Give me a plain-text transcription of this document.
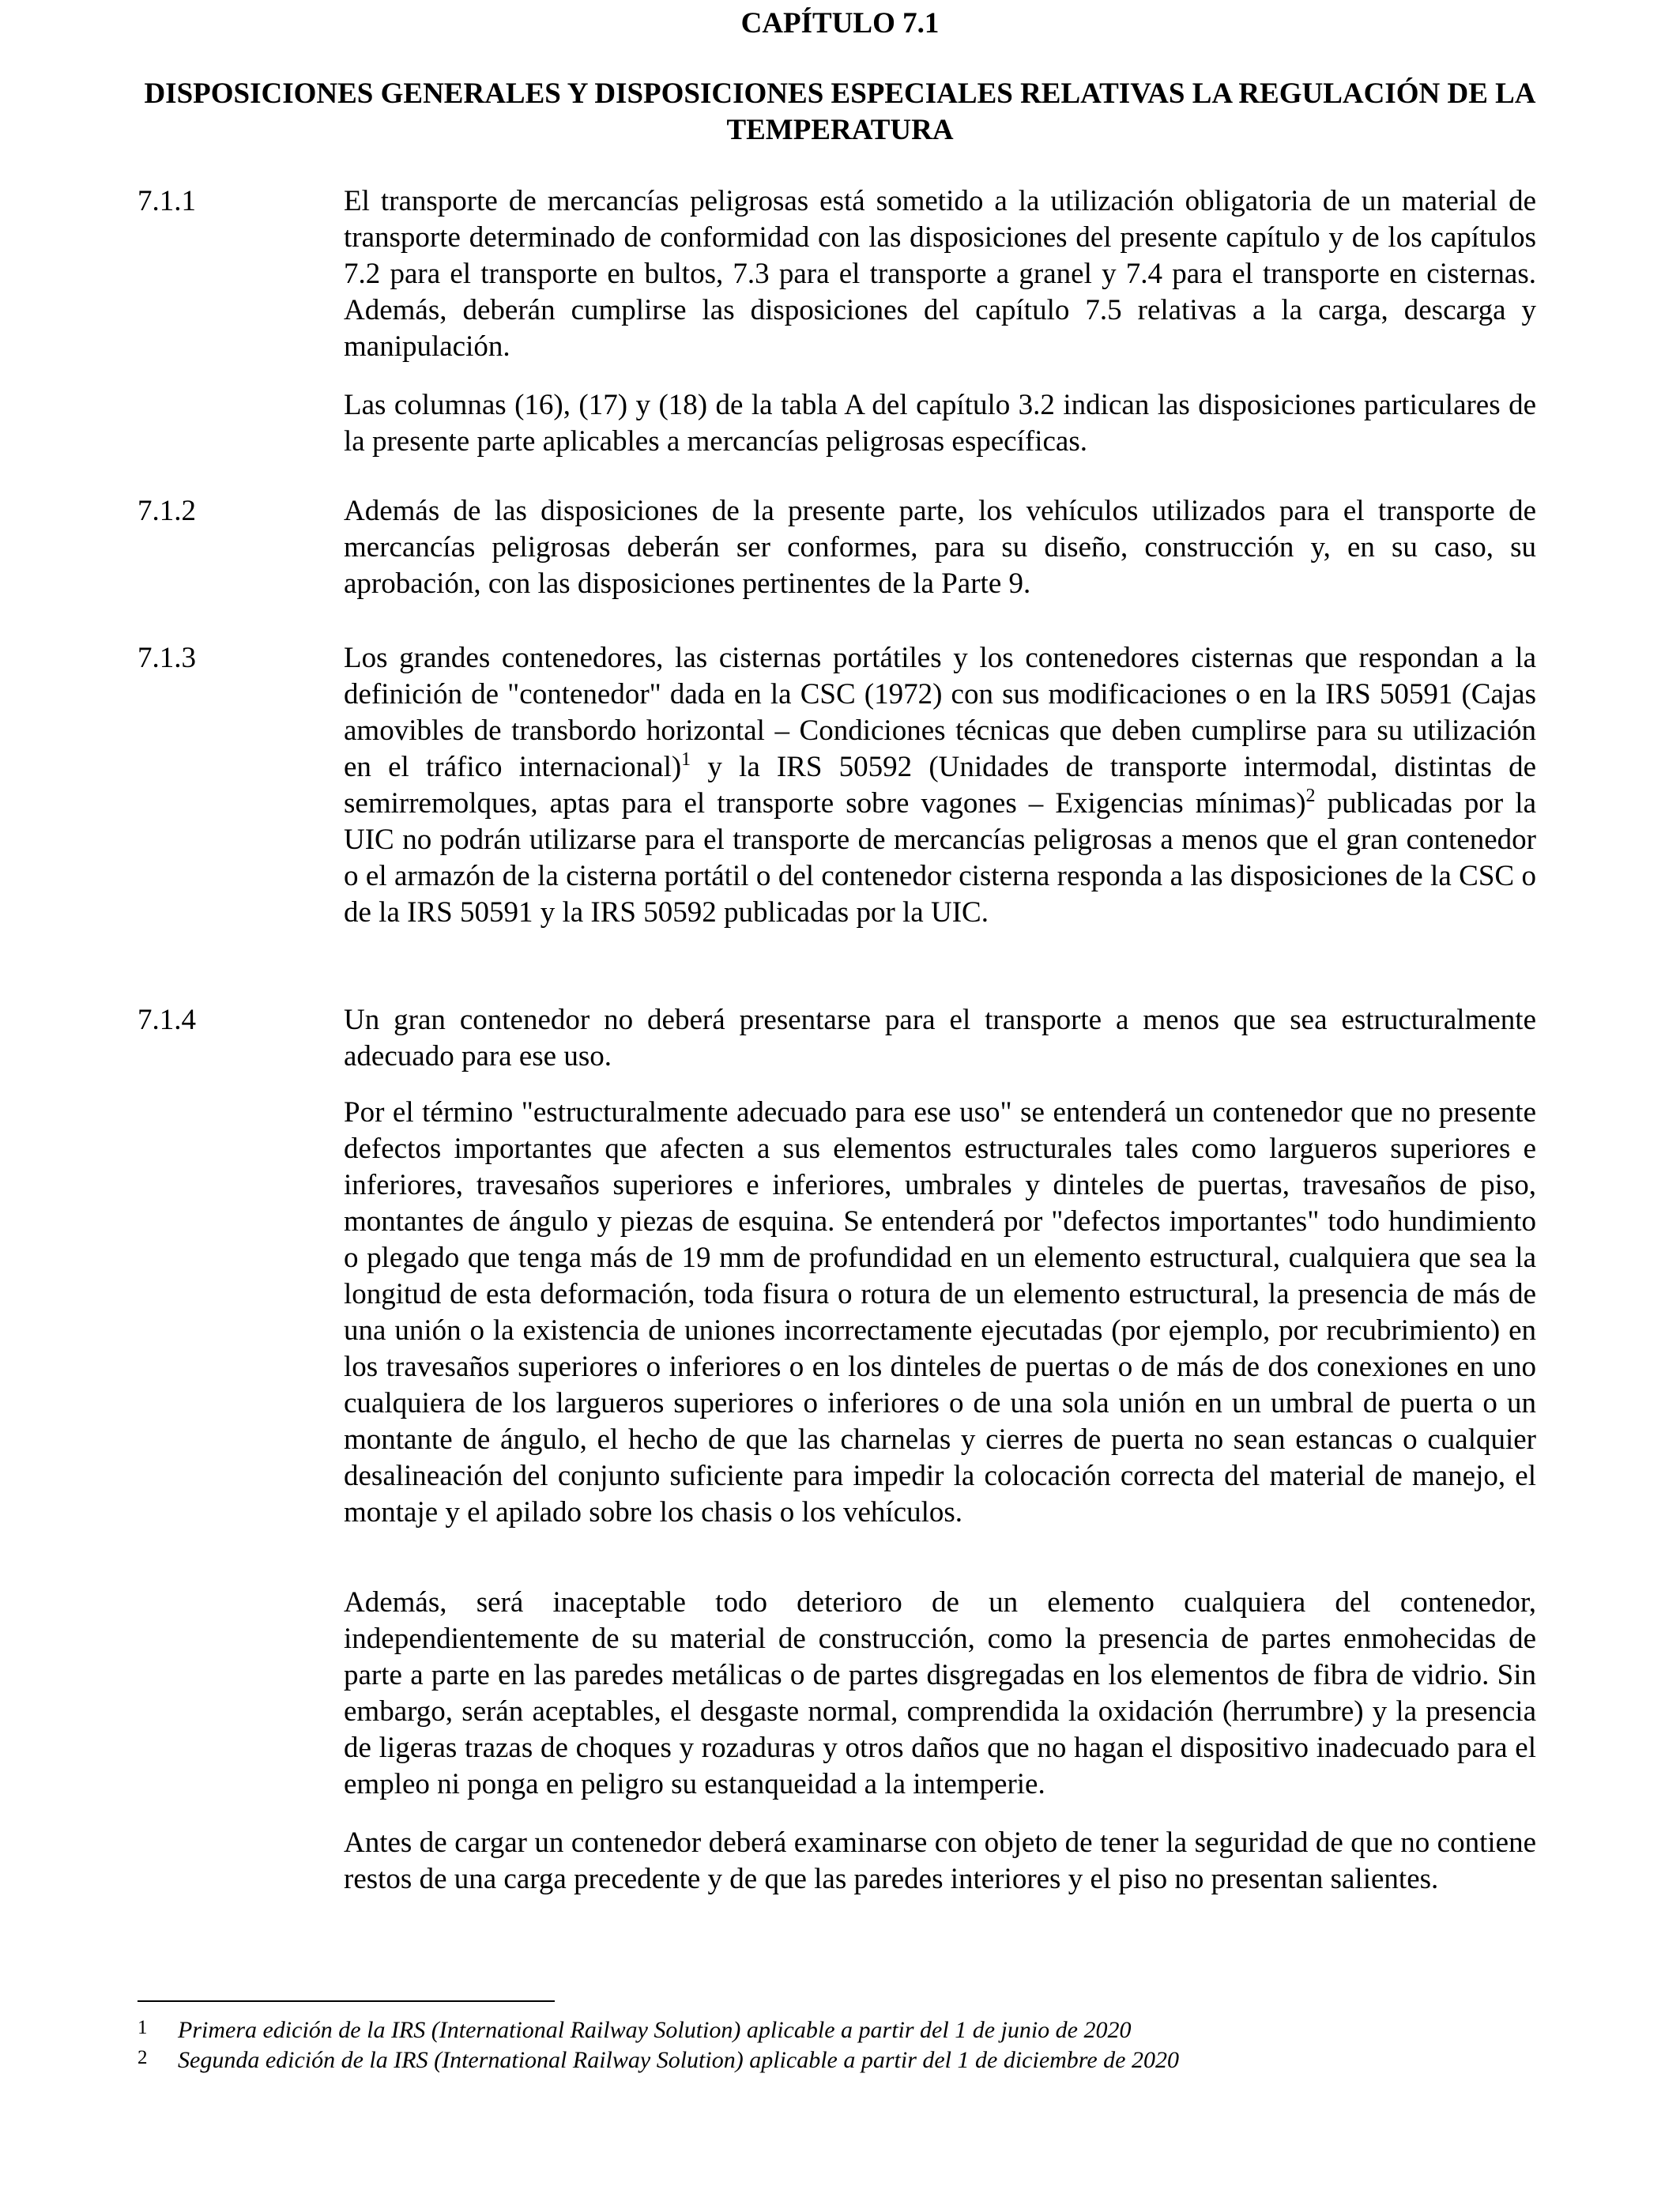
CAPÍTULO 7.1
DISPOSICIONES GENERALES Y DISPOSICIONES ESPECIALES RELATIVAS LA REGULACIÓN DE LA TEMPERATURA
7.1.1	El transporte de mercancías peligrosas está sometido a la utilización obligatoria de un material de transporte determinado de conformidad con las disposiciones del presente capítulo y de los capítulos 7.2 para el transporte en bultos, 7.3 para el transporte a granel y 7.4 para el transporte en cisternas. Además, deberán cumplirse las disposiciones del capítulo 7.5 relativas a la carga, descarga y manipulación.

Las columnas (16), (17) y (18) de la tabla A del capítulo 3.2 indican las disposiciones particulares de la presente parte aplicables a mercancías peligrosas específicas.

7.1.2	Además de las disposiciones de la presente parte, los vehículos utilizados para el transporte de mercancías peligrosas deberán ser conformes, para su diseño, construcción y, en su caso, su aprobación, con las disposiciones pertinentes de la Parte 9.

7.1.3	Los grandes contenedores, las cisternas portátiles y los contenedores cisternas que respondan a la definición de "contenedor" dada en la CSC (1972) con sus modificaciones o en la IRS 50591 (Cajas amovibles de transbordo horizontal – Condiciones técnicas que deben cumplirse para su utilización en el tráfico internacional)$^1$ y la IRS 50592 (Unidades de transporte intermodal, distintas de semirremolques, aptas para el transporte sobre vagones – Exigencias mínimas)$^2$ publicadas por la UIC no podrán utilizarse para el transporte de mercancías peligrosas a menos que el gran contenedor o el armazón de la cisterna portátil o del contenedor cisterna responda a las disposiciones de la CSC o de la IRS 50591 y la IRS 50592 publicadas por la UIC.

7.1.4	Un gran contenedor no deberá presentarse para el transporte a menos que sea estructuralmente adecuado para ese uso.

Por el término "estructuralmente adecuado para ese uso" se entenderá un contenedor que no presente defectos importantes que afecten a sus elementos estructurales tales como largueros superiores e inferiores, travesaños superiores e inferiores, umbrales y dinteles de puertas, travesaños de piso, montantes de ángulo y piezas de esquina. Se entenderá por "defectos importantes" todo hundimiento o plegado que tenga más de 19 mm de profundidad en un elemento estructural, cualquiera que sea la longitud de esta deformación, toda fisura o rotura de un elemento estructural, la presencia de más de una unión o la existencia de uniones incorrectamente ejecutadas (por ejemplo, por recubrimiento) en los travesaños superiores o inferiores o en los dinteles de puertas o de más de dos conexiones en uno cualquiera de los largueros superiores o inferiores o de una sola unión en un umbral de puerta o un montante de ángulo, el hecho de que las charnelas y cierres de puerta no sean estancas o cualquier desalineación del conjunto suficiente para impedir la colocación correcta del material de manejo, el montaje y el apilado sobre los chasis o los vehículos.

Además, será inaceptable todo deterioro de un elemento cualquiera del contenedor, independientemente de su material de construcción, como la presencia de partes enmohecidas de parte a parte en las paredes metálicas o de partes disgregadas en los elementos de fibra de vidrio. Sin embargo, serán aceptables, el desgaste normal, comprendida la oxidación (herrumbre) y la presencia de ligeras trazas de choques y rozaduras y otros daños que no hagan el dispositivo inadecuado para el empleo ni ponga en peligro su estanqueidad a la intemperie.

Antes de cargar un contenedor deberá examinarse con objeto de tener la seguridad de que no contiene restos de una carga precedente y de que las paredes interiores y el piso no presentan salientes.

1 Primera edición de la IRS (International Railway Solution) aplicable a partir del 1 de junio de 2020
2 Segunda edición de la IRS (International Railway Solution) aplicable a partir del 1 de diciembre de 2020
